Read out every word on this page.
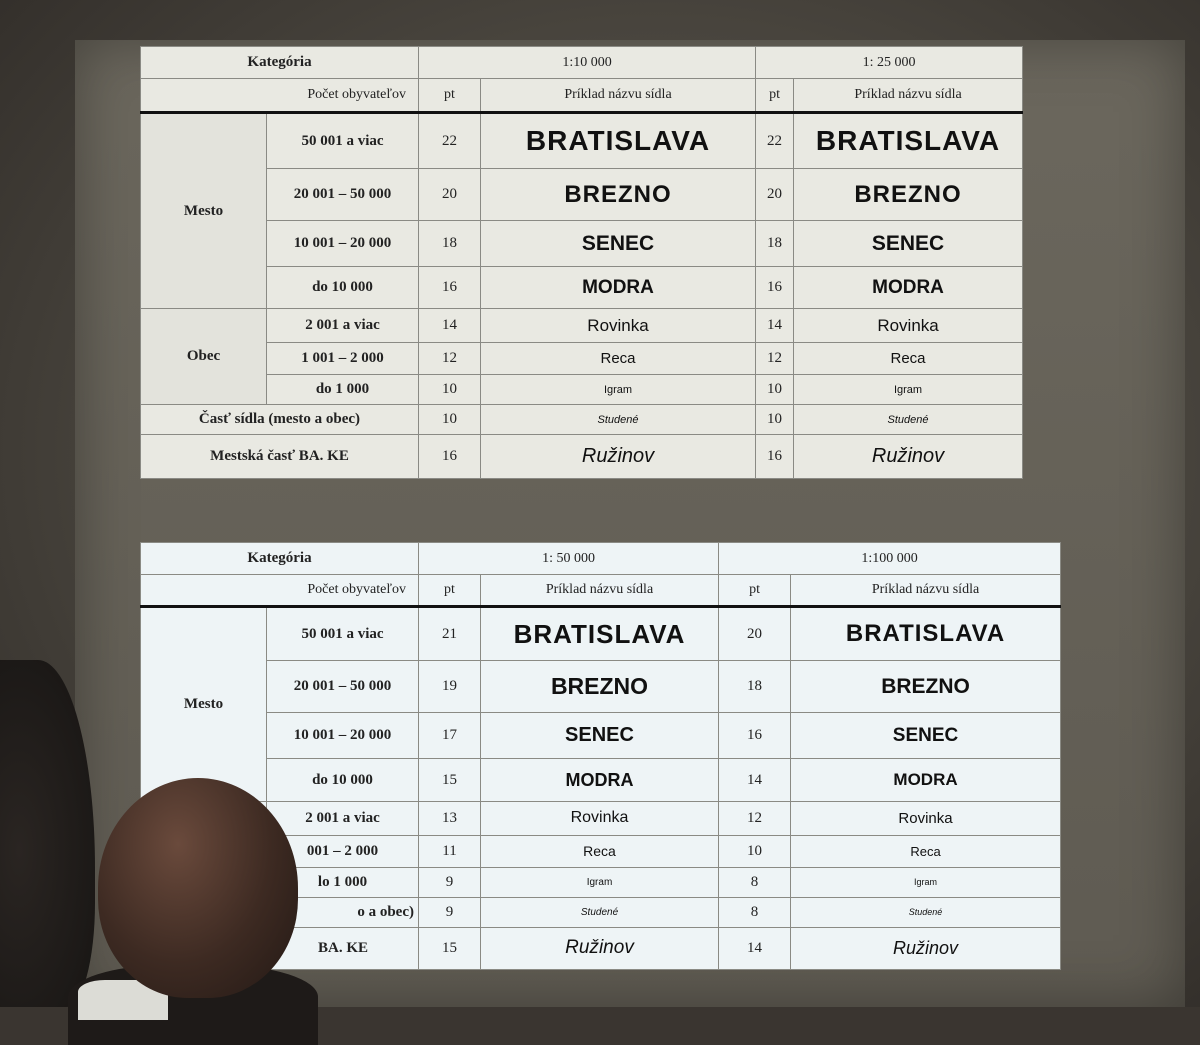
Kategória		1:10 000		1: 25 000	
Počet obyvateľov		pt	Príklad názvu sídla	pt	Príklad názvu sídla
Mesto	50 001 a viac	22	BRATISLAVA	22	BRATISLAVA
	20 001 – 50 000	20	BREZNO	20	BREZNO
	10 001 – 20 000	18	SENEC	18	SENEC
	do 10 000	16	MODRA	16	MODRA
Obec	2 001 a viac	14	Rovinka	14	Rovinka
	1 001 – 2 000	12	Reca	12	Reca
	do 1 000	10	Igram	10	Igram
Časť sídla (mesto a obec)		10	Studené	10	Studené
Mestská časť BA. KE		16	Ružinov	16	Ružinov
Kategória		1: 50 000		1:100 000	
Počet obyvateľov		pt	Príklad názvu sídla	pt	Príklad názvu sídla
Mesto	50 001 a viac	21	BRATISLAVA	20	BRATISLAVA
	20 001 – 50 000	19	BREZNO	18	BREZNO
	10 001 – 20 000	17	SENEC	16	SENEC
	do 10 000	15	MODRA	14	MODRA
	2 001 a viac	13	Rovinka	12	Rovinka
	001 – 2 000	11	Reca	10	Reca
	lo 1 000	9	Igram	8	Igram
o a obec)		9	Studené	8	Studené
BA. KE		15	Ružinov	14	Ružinov
